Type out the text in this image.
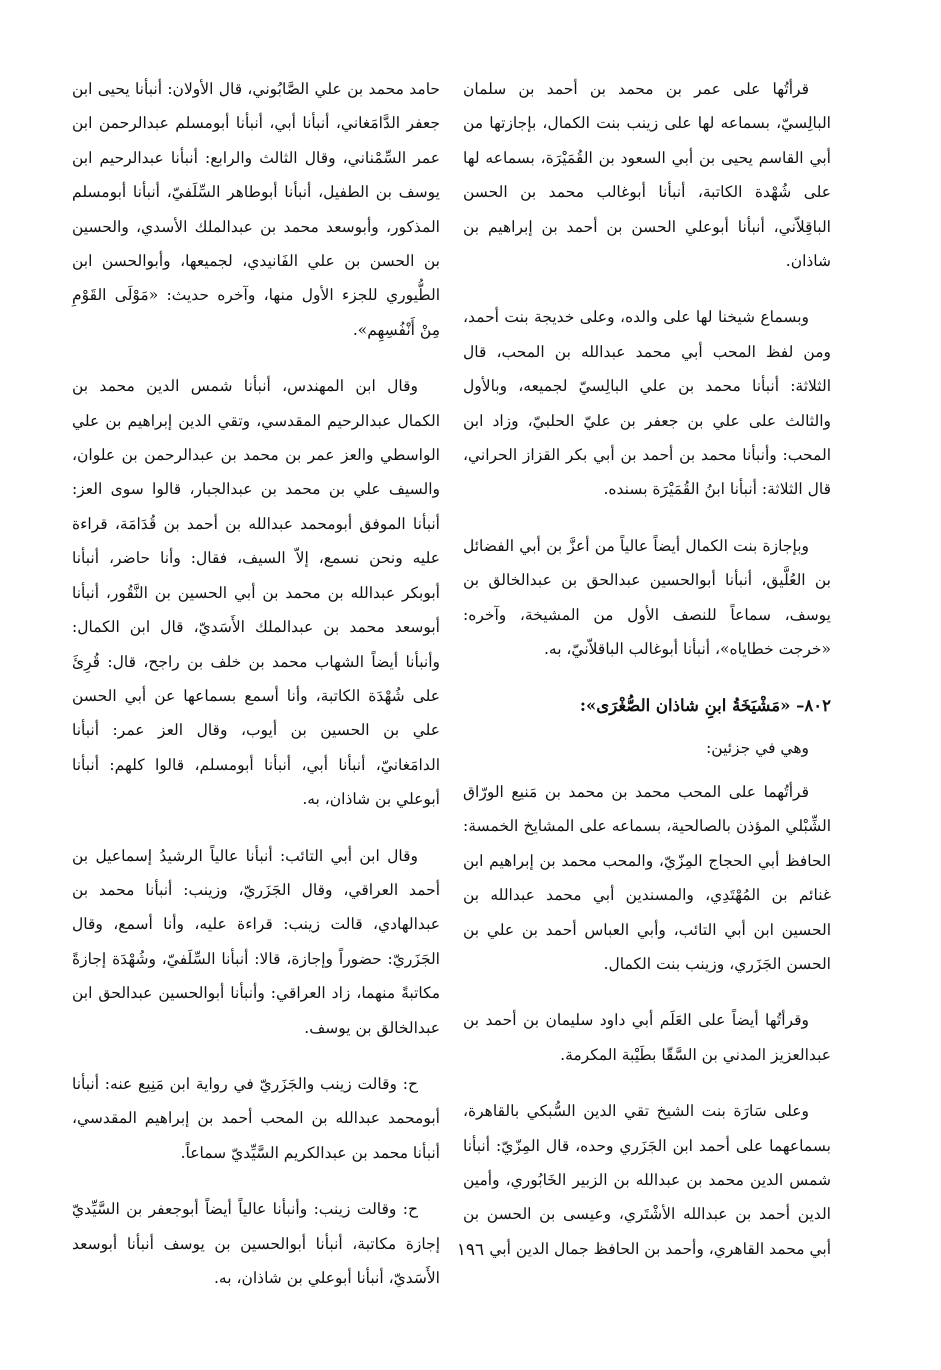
قرأتُها على عمر بن محمد بن أحمد بن سلمان البالِسيّ، بسماعه لها على زينب بنت الكمال، بإجازتها من أبي القاسم يحيى بن أبي السعود بن القُمَيْرَة، بسماعه لها على شُهْدة الكاتبة، أنبأنا أبوغالب محمد بن الحسن الباقِلاّني، أنبأنا أبوعلي الحسن بن أحمد بن إبراهيم بن شاذان.

وبسماع شيخنا لها على والده، وعلى خديجة بنت أحمد، ومن لفظ المحب أبي محمد عبدالله بن المحب، قال الثلاثة: أنبأنا محمد بن علي البالِسيّ لجميعه، وبالأول والثالث على علي بن جعفر بن عليّ الحلبيّ، وزاد ابن المحب: وأنبأنا محمد بن أحمد بن أبي بكر القزاز الحراني، قال الثلاثة: أنبأنا ابنُ القُمَيْرَة بسنده.

وبإجازة بنت الكمال أيضاً عالياً من أعزَّ بن أبي الفضائل بن العُلَّيق، أنبأنا أبوالحسين عبدالحق بن عبدالخالق بن يوسف، سماعاً للنصف الأول من المشيخة، وآخره: «خرجت خطاياه»، أنبأنا أبوغالب الباقلاّنيّ، به.

٨٠٢– «مَشْيَخَةُ ابنِ شاذان الصُّغْرَى»:

وهي في جزئين:

قرأتُهما على المحب محمد بن محمد بن مَنيع الورّاق الشِّبْلي المؤذن بالصالحية، بسماعه على المشايخ الخمسة: الحافظ أبي الحجاج المِزّيّ، والمحب محمد بن إبراهيم ابن غنائم بن المُهْتَدِي، والمسندين أبي محمد عبدالله بن الحسين ابن أبي التائب، وأبي العباس أحمد بن علي بن الحسن الجَزَري، وزينب بنت الكمال.

وقرأتُها أيضاً على العَلَم أبي داود سليمان بن أحمد بن عبدالعزيز المدني بن السَّقّا بطَيْبة المكرمة.

وعلى سَارَة بنت الشيخ تقي الدين السُّبكي بالقاهرة، بسماعهما على أحمد ابن الجَزَري وحده، قال المِزّيّ: أنبأنا شمس الدين محمد بن عبدالله بن الزبير الخَابُوري، وأمين الدين أحمد بن عبدالله الأشْتَري، وعيسى بن الحسن بن أبي محمد القاهري، وأحمد بن الحافظ جمال الدين أبي

حامد محمد بن علي الصَّابُوني، قال الأولان: أنبأنا يحيى ابن جعفر الدَّامَغاني، أنبأنا أبي، أنبأنا أبومسلم عبدالرحمن ابن عمر السِّمْناني، وقال الثالث والرابع: أنبأنا عبدالرحيم ابن يوسف بن الطفيل، أنبأنا أبوطاهر السِّلَفيّ، أنبأنا أبومسلم المذكور، وأبوسعد محمد بن عبدالملك الأسدي، والحسين بن الحسن بن علي الفَانيدي، لجميعها، وأبوالحسن ابن الطُّيوري للجزء الأول منها، وآخره حديث: «مَوْلَى القَوْمِ مِنْ أَنْفُسِهِم».

وقال ابن المهندس، أنبأنا شمس الدين محمد بن الكمال عبدالرحيم المقدسي، وتقي الدين إبراهيم بن علي الواسطي والعز عمر بن محمد بن عبدالرحمن بن علوان، والسيف علي بن محمد بن عبدالجبار، قالوا سوى العز: أنبأنا الموفق أبومحمد عبدالله بن أحمد بن قُدَامَة، قراءة عليه ونحن نسمع، إلاّ السيف، فقال: وأنا حاضر، أنبأنا أبوبكر عبدالله بن محمد بن أبي الحسين بن النَّقُور، أنبأنا أبوسعد محمد بن عبدالملك الأَسَديّ، قال ابن الكمال: وأنبأنا أيضاً الشهاب محمد بن خلف بن راجح، قال: قُرِئَ على شُهْدَة الكاتبة، وأنا أسمع بسماعها عن أبي الحسن علي بن الحسين بن أيوب، وقال العز عمر: أنبأنا الدامَغانيّ، أنبأنا أبي، أنبأنا أبومسلم، قالوا كلهم: أنبأنا أبوعلي بن شاذان، به.

وقال ابن أبي التائب: أنبأنا عالياً الرشيدُ إسماعيل بن أحمد العراقي، وقال الجَزَريّ، وزينب: أنبأنا محمد بن عبدالهادي، قالت زينب: قراءة عليه، وأنا أسمع، وقال الجَزَريّ: حضوراً وإجازة، قالا: أنبأنا السِّلَفيّ، وشُهْدَة إجازةً مكاتبةً منهما، زاد العراقي: وأنبأنا أبوالحسين عبدالحق ابن عبدالخالق بن يوسف.

ح: وقالت زينب والجَزَريّ في رواية ابن مَنِيع عنه: أنبأنا أبومحمد عبدالله بن المحب أحمد بن إبراهيم المقدسي، أنبأنا محمد بن عبدالكريم السَّيِّديّ سماعاً.

ح: وقالت زينب: وأنبأنا عالياً أيضاً أبوجعفر بن السَّيِّديّ إجازة مكاتبة، أنبأنا أبوالحسين بن يوسف أنبأنا أبوسعد الأَسَديّ، أنبأنا أبوعلي بن شاذان، به.

١٩٦
